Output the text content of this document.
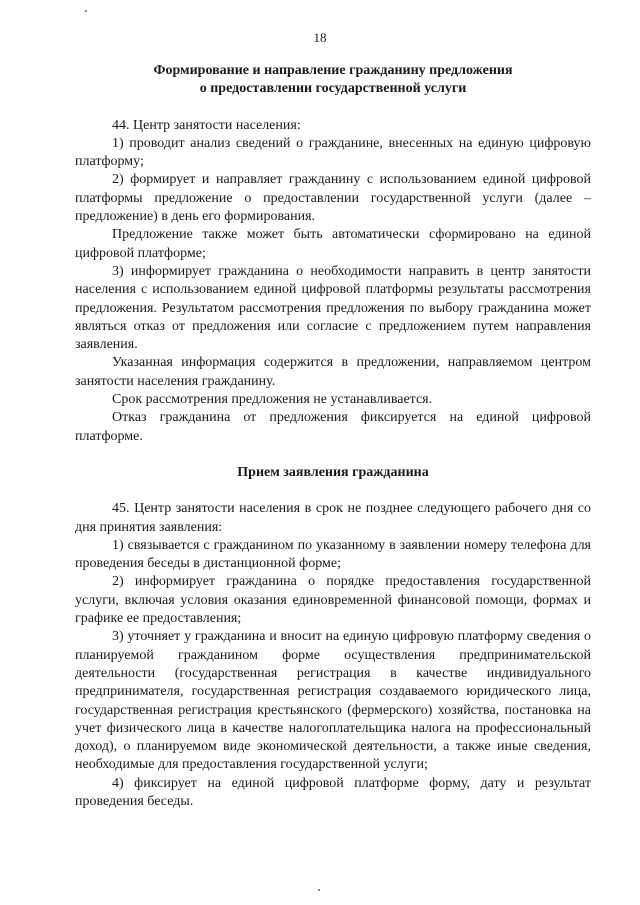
18
Формирование и направление гражданину предложения
о предоставлении государственной услуги

44. Центр занятости населения:

1) проводит анализ сведений о гражданине, внесенных на единую цифровую платформу;

2) формирует и направляет гражданину с использованием единой цифровой платформы предложение о предоставлении государственной услуги (далее – предложение) в день его формирования.

Предложение также может быть автоматически сформировано на единой цифровой платформе;

3) информирует гражданина о необходимости направить в центр занятости населения с использованием единой цифровой платформы результаты рассмотрения предложения. Результатом рассмотрения предложения по выбору гражданина может являться отказ от предложения или согласие с предложением путем направления заявления.

Указанная информация содержится в предложении, направляемом центром занятости населения гражданину.

Срок рассмотрения предложения не устанавливается.

Отказ гражданина от предложения фиксируется на единой цифровой платформе.

Прием заявления гражданина

45. Центр занятости населения в срок не позднее следующего рабочего дня со дня принятия заявления:

1) связывается с гражданином по указанному в заявлении номеру телефона для проведения беседы в дистанционной форме;

2) информирует гражданина о порядке предоставления государственной услуги, включая условия оказания единовременной финансовой помощи, формах и графике ее предоставления;

3) уточняет у гражданина и вносит на единую цифровую платформу сведения о планируемой гражданином форме осуществления предпринимательской деятельности (государственная регистрация в качестве индивидуального предпринимателя, государственная регистрация создаваемого юридического лица, государственная регистрация крестьянского (фермерского) хозяйства, постановка на учет физического лица в качестве налогоплательщика налога на профессиональный доход), о планируемом виде экономической деятельности, а также иные сведения, необходимые для предоставления государственной услуги;

4) фиксирует на единой цифровой платформе форму, дату и результат проведения беседы.
